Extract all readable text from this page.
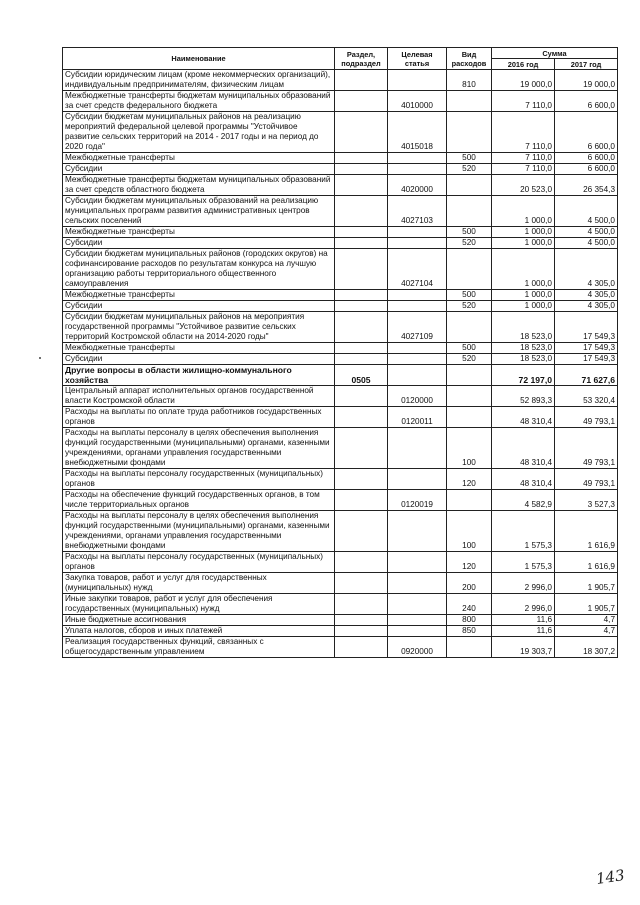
Наименование	Раздел, подраздел	Целевая статья	Вид расходов	Сумма	
				2016 год	2017 год
Субсидии юридическим лицам (кроме некоммерческих организаций), индивидуальным предпринимателям, физическим лицам			810	19 000,0	19 000,0
Межбюджетные трансферты бюджетам муниципальных образований за счет средств федерального бюджета		4010000		7 110,0	6 600,0
Субсидии бюджетам муниципальных районов на реализацию мероприятий федеральной целевой программы "Устойчивое развитие сельских территорий на 2014 - 2017 годы и на период до 2020 года"		4015018		7 110,0	6 600,0
Межбюджетные трансферты			500	7 110,0	6 600,0
Субсидии			520	7 110,0	6 600,0
Межбюджетные трансферты бюджетам муниципальных образований за счет средств областного бюджета		4020000		20 523,0	26 354,3
Субсидии бюджетам муниципальных образований на реализацию муниципальных программ развития административных центров сельских поселений		4027103		1 000,0	4 500,0
Межбюджетные трансферты			500	1 000,0	4 500,0
Субсидии			520	1 000,0	4 500,0
Субсидии бюджетам муниципальных районов (городских округов) на софинансирование расходов по результатам конкурса на лучшую организацию работы территориального общественного самоуправления		4027104		1 000,0	4 305,0
Межбюджетные трансферты			500	1 000,0	4 305,0
Субсидии			520	1 000,0	4 305,0
Субсидии бюджетам муниципальных районов на мероприятия государственной программы "Устойчивое развитие сельских территорий Костромской области на 2014-2020 годы"		4027109		18 523,0	17 549,3
Межбюджетные трансферты			500	18 523,0	17 549,3
Субсидии			520	18 523,0	17 549,3
Другие вопросы в области жилищно-коммунального хозяйства	0505			72 197,0	71 627,6
Центральный аппарат исполнительных органов государственной власти Костромской области		0120000		52 893,3	53 320,4
Расходы на выплаты по оплате труда работников государственных органов		0120011		48 310,4	49 793,1
Расходы на выплаты персоналу в целях обеспечения выполнения функций государственными (муниципальными) органами, казенными учреждениями, органами управления государственными внебюджетными фондами			100	48 310,4	49 793,1
Расходы на выплаты персоналу государственных (муниципальных) органов			120	48 310,4	49 793,1
Расходы на обеспечение функций государственных органов, в том числе территориальных органов		0120019		4 582,9	3 527,3
Расходы на выплаты персоналу в целях обеспечения выполнения функций государственными (муниципальными) органами, казенными учреждениями, органами управления государственными внебюджетными фондами			100	1 575,3	1 616,9
Расходы на выплаты персоналу государственных (муниципальных) органов			120	1 575,3	1 616,9
Закупка товаров, работ и услуг для государственных (муниципальных) нужд			200	2 996,0	1 905,7
Иные закупки товаров, работ и услуг для обеспечения государственных (муниципальных) нужд			240	2 996,0	1 905,7
Иные бюджетные ассигнования			800	11,6	4,7
Уплата налогов, сборов и иных платежей			850	11,6	4,7
Реализация государственных функций, связанных с общегосударственным управлением		0920000		19 303,7	18 307,2
143
